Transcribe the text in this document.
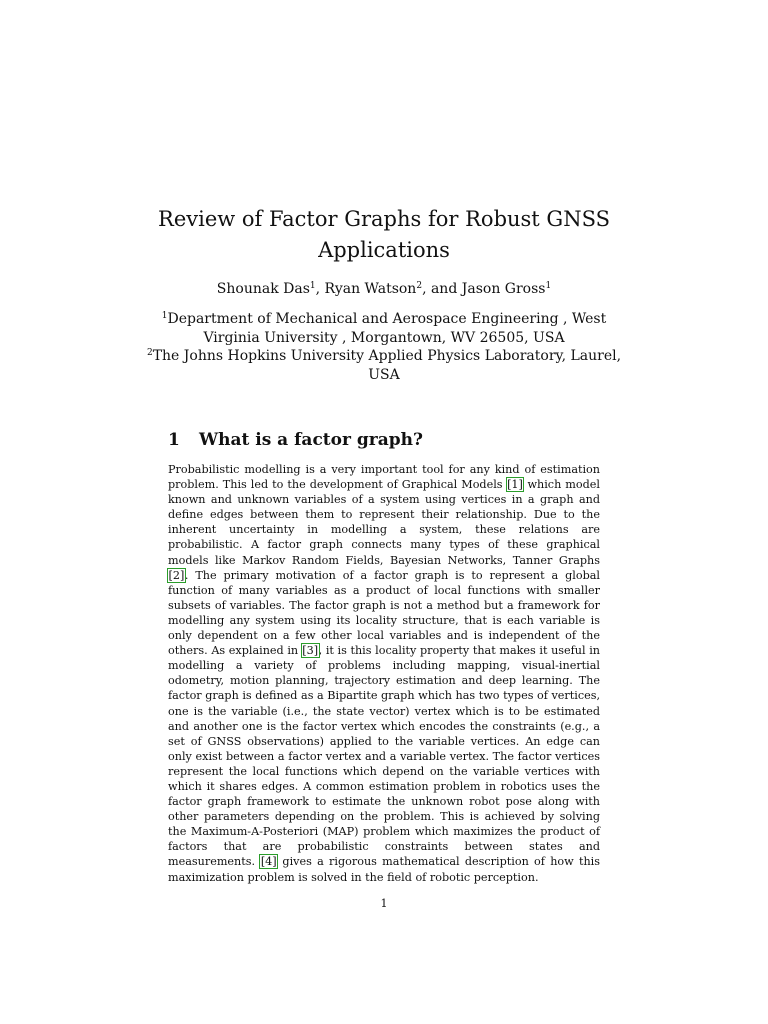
Review of Factor Graphs for Robust GNSS
Applications
Shounak Das$^1$, Ryan Watson$^2$, and Jason Gross$^1$
$^1$Department of Mechanical and Aerospace Engineering , West Virginia University , Morgantown, WV 26505, USA
$^2$The Johns Hopkins University Applied Physics Laboratory, Laurel, USA
1 What is a factor graph?

Probabilistic modelling is a very important tool for any kind of estimation problem. This led to the development of Graphical Models [1] which model known and unknown variables of a system using vertices in a graph and define edges between them to represent their relationship. Due to the inherent uncertainty in modelling a system, these relations are probabilistic. A factor graph connects many types of these graphical models like Markov Random Fields, Bayesian Networks, Tanner Graphs [2]. The primary motivation of a factor graph is to represent a global function of many variables as a product of local functions with smaller subsets of variables. The factor graph is not a method but a framework for modelling any system using its locality structure, that is each variable is only dependent on a few other local variables and is independent of the others. As explained in [3], it is this locality property that makes it useful in modelling a variety of problems including mapping, visual-inertial odometry, motion planning, trajectory estimation and deep learning. The factor graph is defined as a Bipartite graph which has two types of vertices, one is the variable (i.e., the state vector) vertex which is to be estimated and another one is the factor vertex which encodes the constraints (e.g., a set of GNSS observations) applied to the variable vertices. An edge can only exist between a factor vertex and a variable vertex. The factor vertices represent the local functions which depend on the variable vertices with which it shares edges. A common estimation problem in robotics uses the factor graph framework to estimate the unknown robot pose along with other parameters depending on the problem. This is achieved by solving the Maximum-A-Posteriori (MAP) problem which maximizes the product of factors that are probabilistic constraints between states and measurements. [4] gives a rigorous mathematical description of how this maximization problem is solved in the field of robotic perception.

1
